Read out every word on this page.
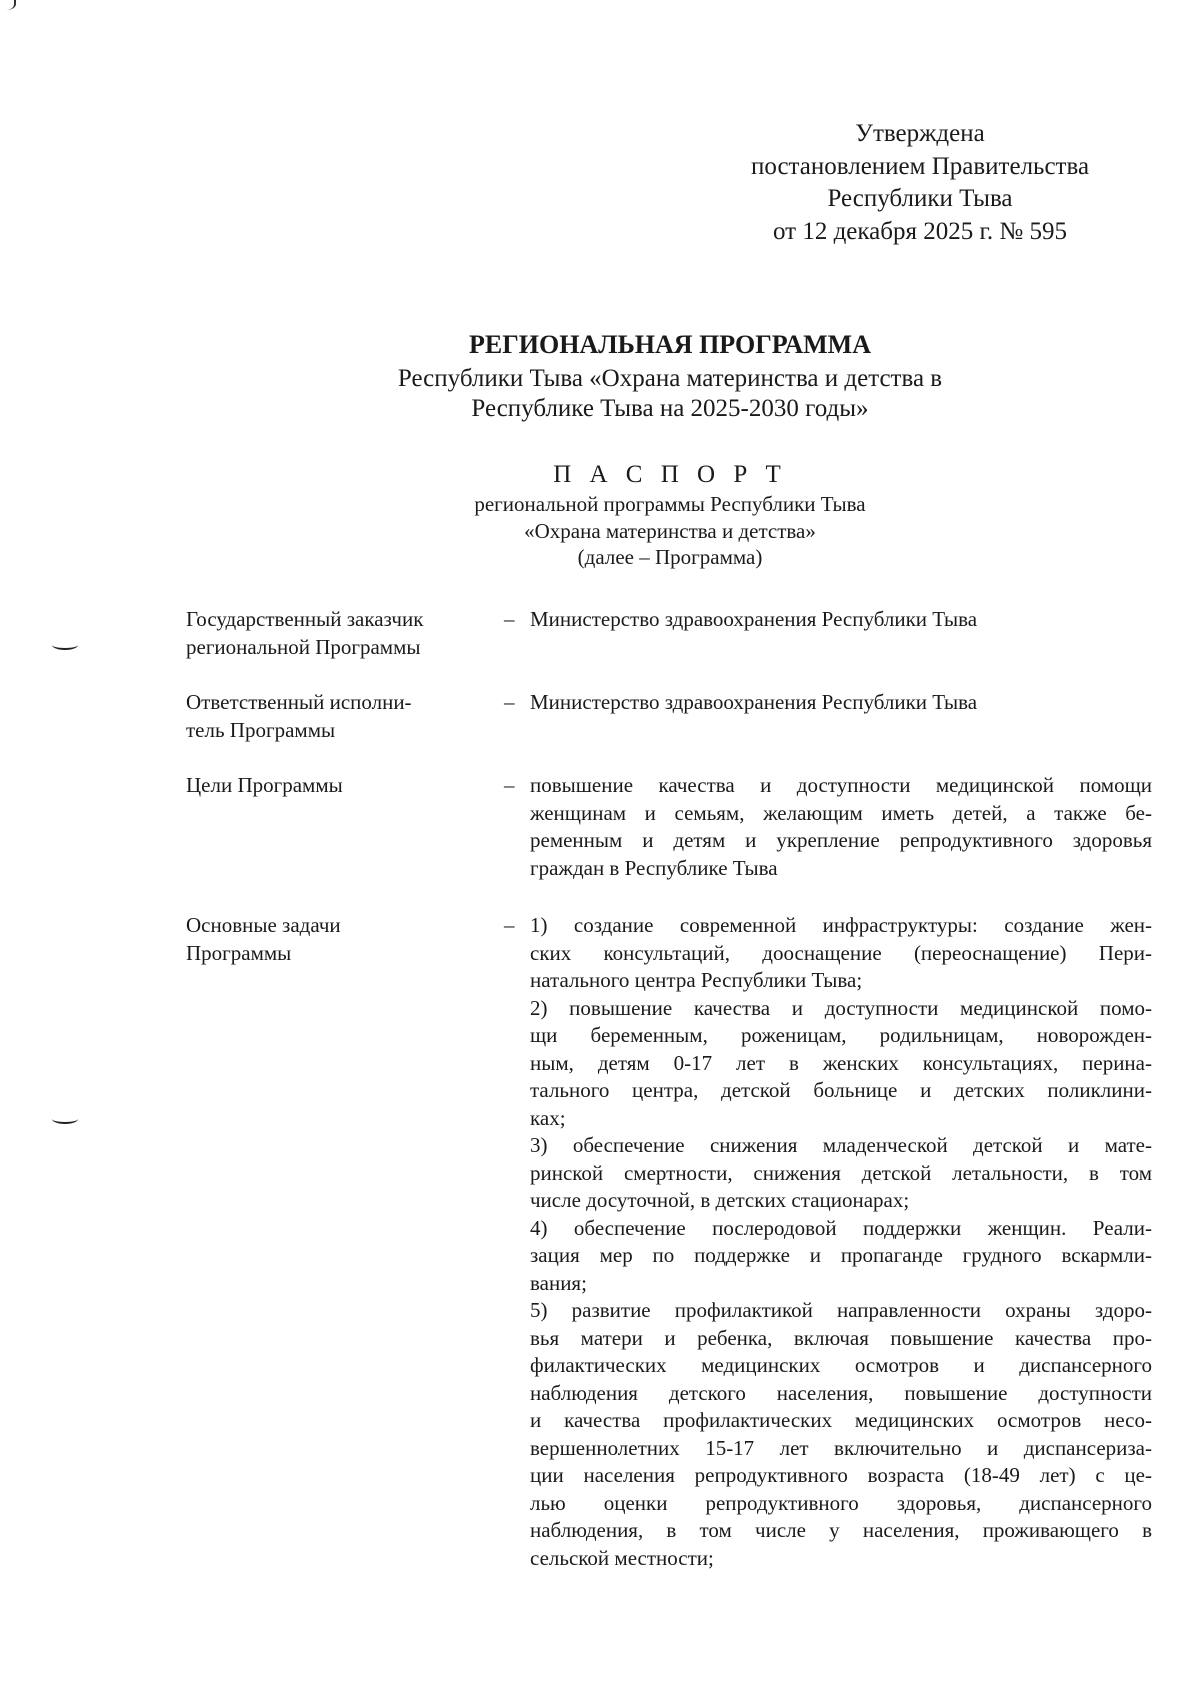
Утверждена
постановлением Правительства
Республики Тыва
от 12 декабря 2025 г. № 595
РЕГИОНАЛЬНАЯ ПРОГРАММА
Республики Тыва «Охрана материнства и детства в
Республике Тыва на 2025-2030 годы»
П А С П О Р Т
региональной программы Республики Тыва
«Охрана материнства и детства»
(далее – Программа)
Государственный заказчик
региональной Программы
– Министерство здравоохранения Республики Тыва
Ответственный исполни-
тель Программы
– Министерство здравоохранения Республики Тыва
Цели Программы	– повышение качества и доступности медицинской помощи
женщинам и семьям, желающим иметь детей, а также бе-
ременным и детям и укрепление репродуктивного здоровья
граждан в Республике Тыва
Основные задачи
Программы
– 1) создание современной инфраструктуры: создание жен-
ских консультаций, дооснащение (переоснащение) Пери-
натального центра Республики Тыва;
2) повышение качества и доступности медицинской помо-
щи беременным, роженицам, родильницам, новорожден-
ным, детям 0-17 лет в женских консультациях, перина-
тального центра, детской больнице и детских поликлини-
ках;
3) обеспечение снижения младенческой детской и мате-
ринской смертности, снижения детской летальности, в том
числе досуточной, в детских стационарах;
4) обеспечение послеродовой поддержки женщин. Реали-
зация мер по поддержке и пропаганде грудного вскармли-
вания;
5) развитие профилактикой направленности охраны здоро-
вья матери и ребенка, включая повышение качества про-
филактических медицинских осмотров и диспансерного
наблюдения детского населения, повышение доступности
и качества профилактических медицинских осмотров несо-
вершеннолетних 15-17 лет включительно и диспансериза-
ции населения репродуктивного возраста (18-49 лет) с це-
лью оценки репродуктивного здоровья, диспансерного
наблюдения, в том числе у населения, проживающего в
сельской местности;
